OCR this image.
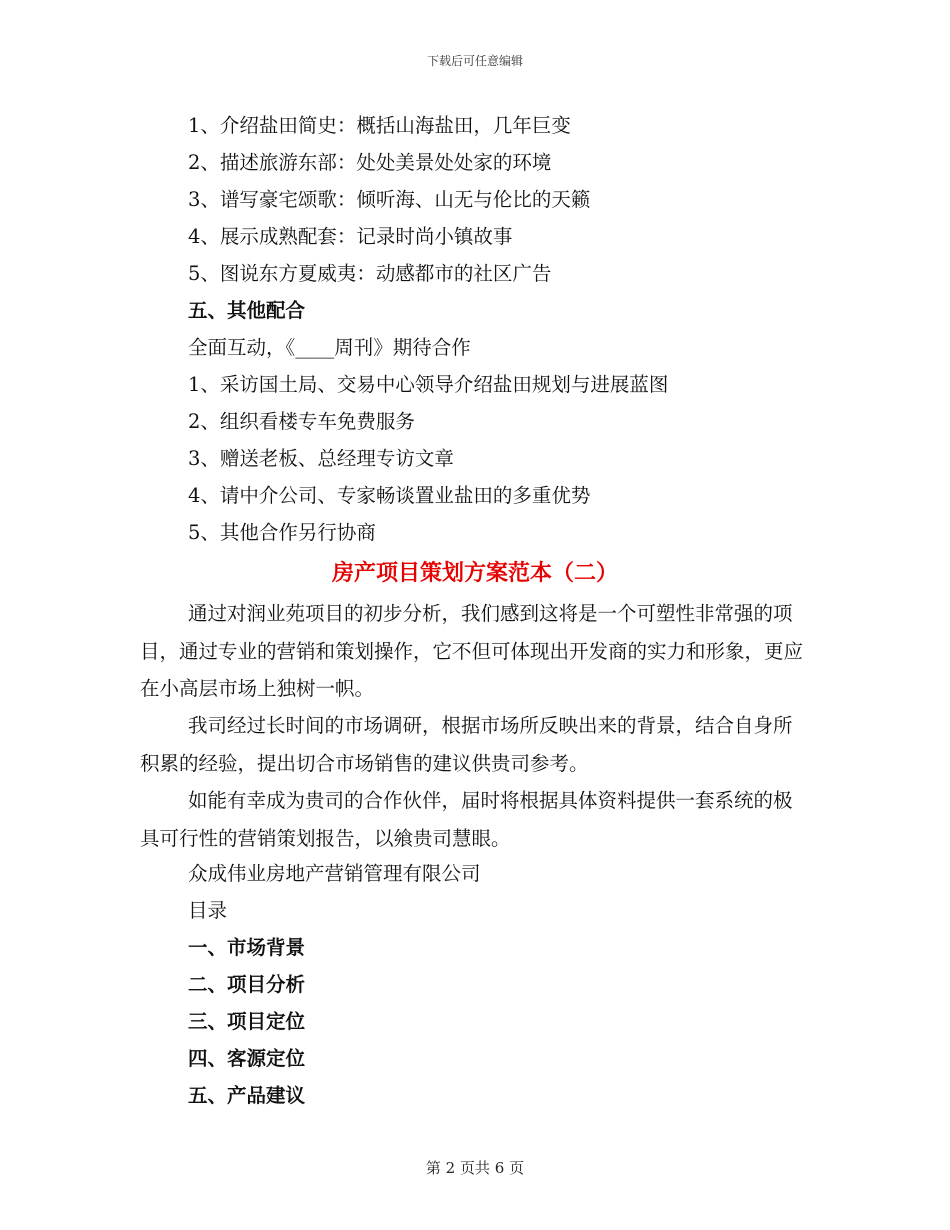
下载后可任意编辑
1、介绍盐田简史：概括山海盐田，几年巨变
2、描述旅游东部：处处美景处处家的环境
3、谱写豪宅颂歌：倾听海、山无与伦比的天籁
4、展示成熟配套：记录时尚小镇故事
5、图说东方夏威夷：动感都市的社区广告
五、其他配合
全面互动，《____周刊》期待合作
1、采访国土局、交易中心领导介绍盐田规划与进展蓝图
2、组织看楼专车免费服务
3、赠送老板、总经理专访文章
4、请中介公司、专家畅谈置业盐田的多重优势
5、其他合作另行协商
房产项目策划方案范本（二）
通过对润业苑项目的初步分析，我们感到这将是一个可塑性非常强的项目，通过专业的营销和策划操作，它不但可体现出开发商的实力和形象，更应在小高层市场上独树一帜。
我司经过长时间的市场调研，根据市场所反映出来的背景，结合自身所积累的经验，提出切合市场销售的建议供贵司参考。
如能有幸成为贵司的合作伙伴，届时将根据具体资料提供一套系统的极具可行性的营销策划报告，以飨贵司慧眼。
众成伟业房地产营销管理有限公司
目录
一、市场背景
二、项目分析
三、项目定位
四、客源定位
五、产品建议
第 2 页共 6 页
